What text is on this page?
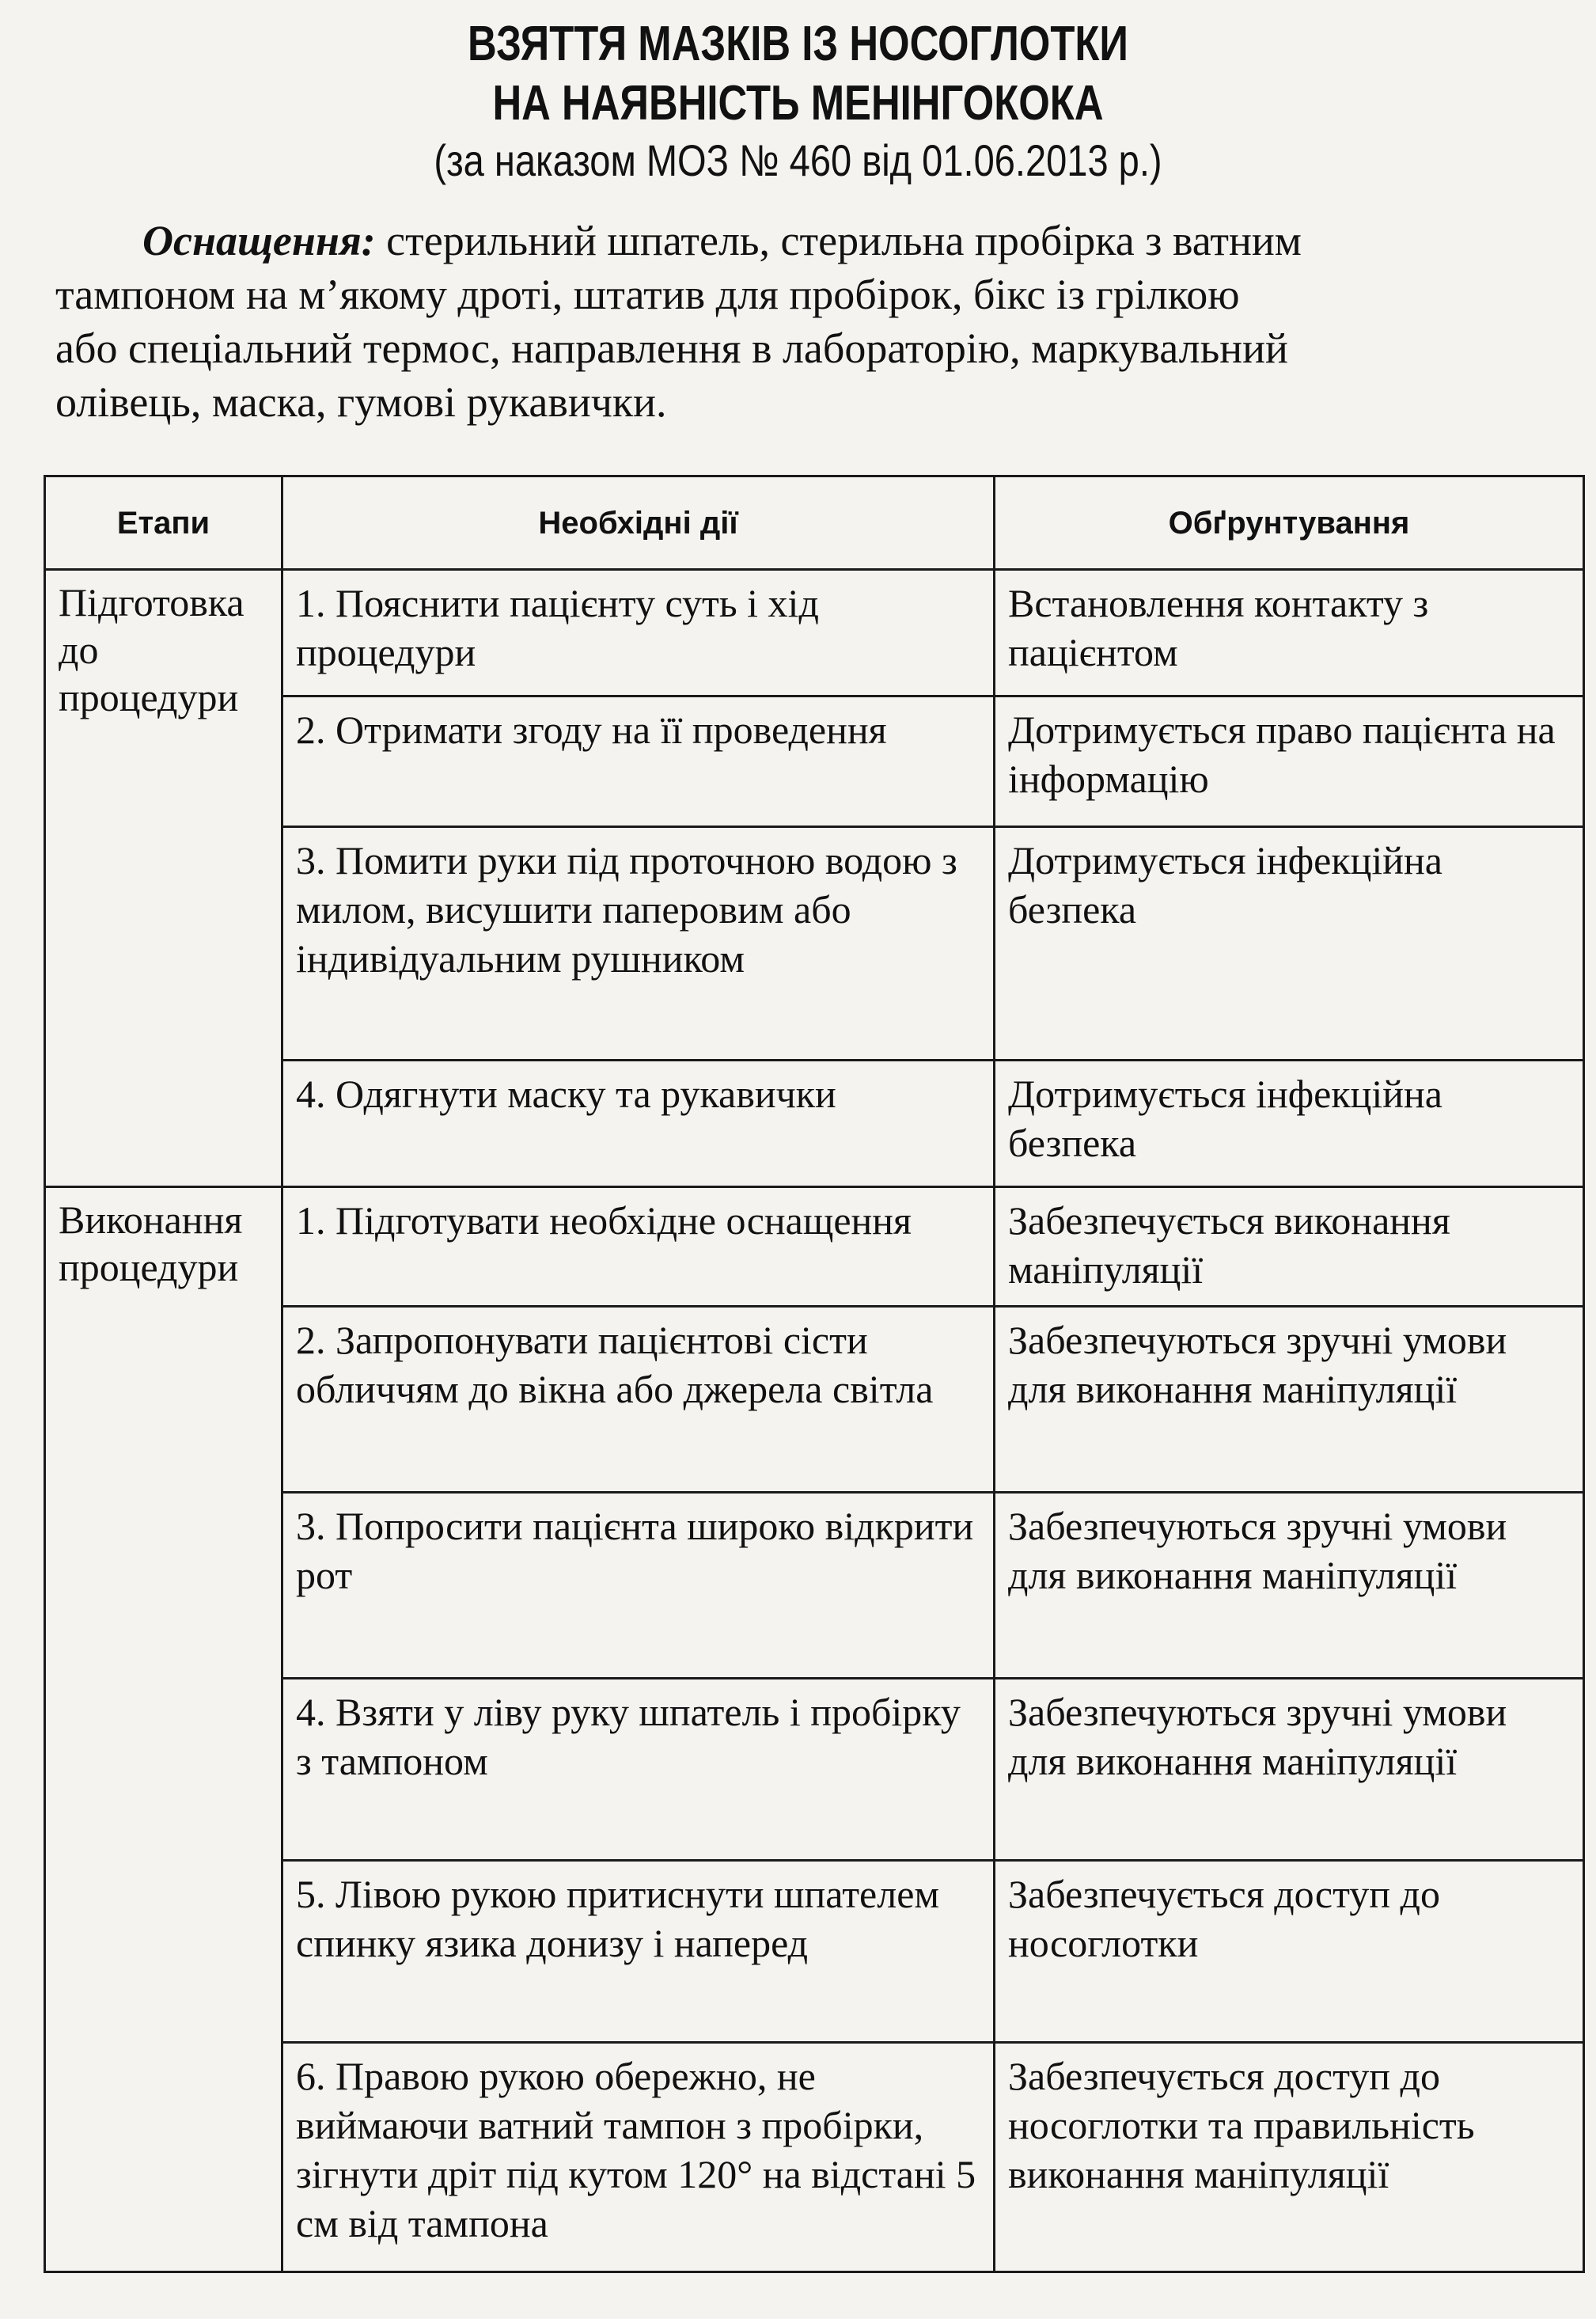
ВЗЯТТЯ МАЗКІВ ІЗ НОСОГЛОТКИ
НА НАЯВНІСТЬ МЕНІНГОКОКА
(за наказом МОЗ № 460 від 01.06.2013 р.)
Оснащення: стерильний шпатель, стерильна пробірка з ватним
тампоном на м’якому дроті, штатив для пробірок, бікс із грілкою
або спеціальний термос, направлення в лабораторію, маркувальний
олівець, маска, гумові рукавички.
Етапи	Необхідні дії	Обґрунтування
Підготовка до процедури	1. Пояснити пацієнту суть і хід процедури	Встановлення контакту з пацієнтом
	2. Отримати згоду на її проведення	Дотримується право пацієнта на інформацію
	3. Помити руки під проточною водою з милом, висушити паперовим або індивідуальним рушником	Дотримується інфекційна безпека
	4. Одягнути маску та рукавички	Дотримується інфекційна безпека
Виконання процедури	1. Підготувати необхідне оснащення	Забезпечується виконання маніпуляції
	2. Запропонувати пацієнтові сісти обличчям до вікна або джерела світла	Забезпечуються зручні умови для виконання маніпуляції
	3. Попросити пацієнта широко відкрити рот	Забезпечуються зручні умови для виконання маніпуляції
	4. Взяти у ліву руку шпатель і пробірку з тампоном	Забезпечуються зручні умови для виконання маніпуляції
	5. Лівою рукою притиснути шпателем спинку язика донизу і наперед	Забезпечується доступ до носоглотки
	6. Правою рукою обережно, не виймаючи ватний тампон з пробірки, зігнути дріт під кутом 120° на відстані 5 см від тампона	Забезпечується доступ до носоглотки та правильність виконання маніпуляції
